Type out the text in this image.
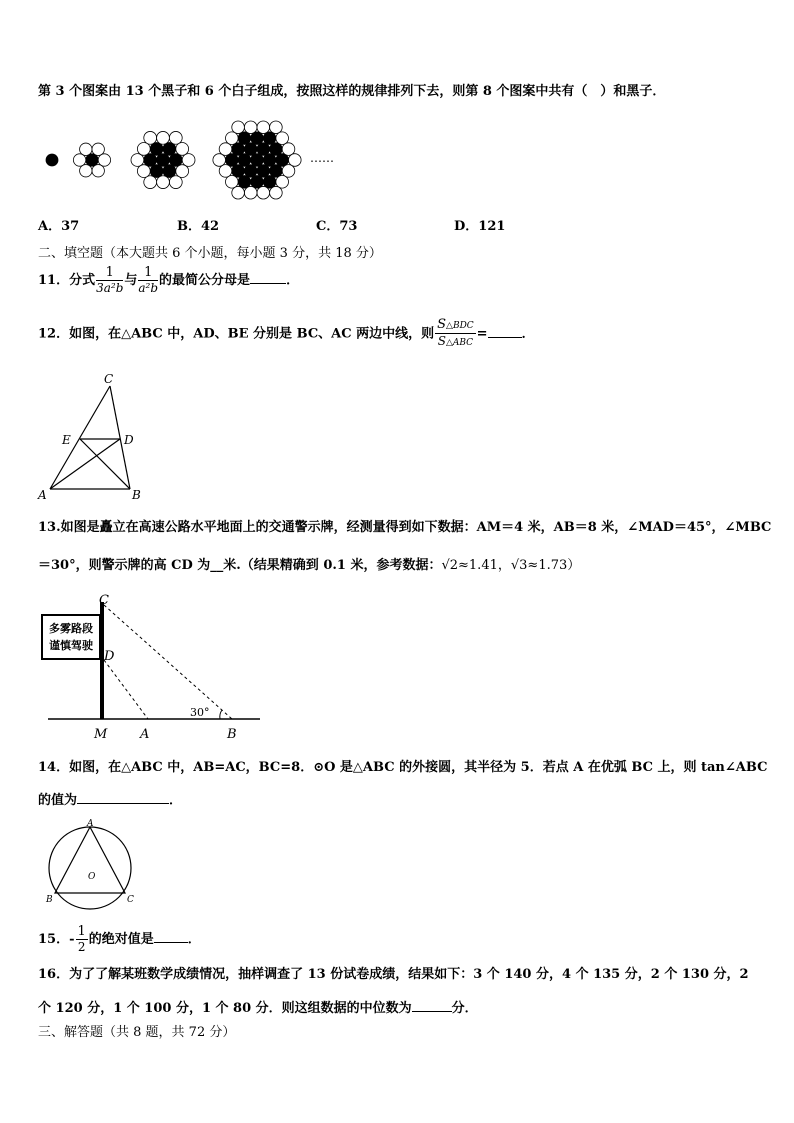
第 3 个图案由 13 个黑子和 6 个白子组成，按照这样的规律排列下去，则第 8 个图案中共有（　）和黑子．
……
A．37	B．42	C．73	D．121
二、填空题（本大题共 6 个小题，每小题 3 分，共 18 分）
11．分式 $\frac{1}{\text{3a²b}}$ 与 $\frac{1}{\text{a²b}}$ 的最简公分母是	．
12．如图，在△ABC 中，AD、BE 分别是 BC、AC 两边中线，则 $\frac{\text{S△BDC}}{\text{S△ABC}}$ =	．
C
E	D
A	B
13.如图是矗立在高速公路水平地面上的交通警示牌，经测量得到如下数据：AM＝4 米，AB＝8 米，∠MAD＝45°，∠MBC
＝30°，则警示牌的高 CD 为__米.（结果精确到 0.1 米，参考数据：√2≈1.41，√3≈1.73）
多雾路段
谨慎驾驶
30°
C
D
M	A	B
14．如图，在△ABC 中，AB=AC，BC=8．⊙O 是△ABC 的外接圆，其半径为 5．若点 A 在优弧 BC 上，则 tan∠ABC
的值为	．
A
B	C
O
15．- $\frac{1}{2}$ 的绝对值是	．
16．为了了解某班数学成绩情况，抽样调查了 13 份试卷成绩，结果如下：3 个 140 分，4 个 135 分，2 个 130 分，2
个 120 分，1 个 100 分，1 个 80 分．则这组数据的中位数为	分．
三、解答题（共 8 题，共 72 分）
